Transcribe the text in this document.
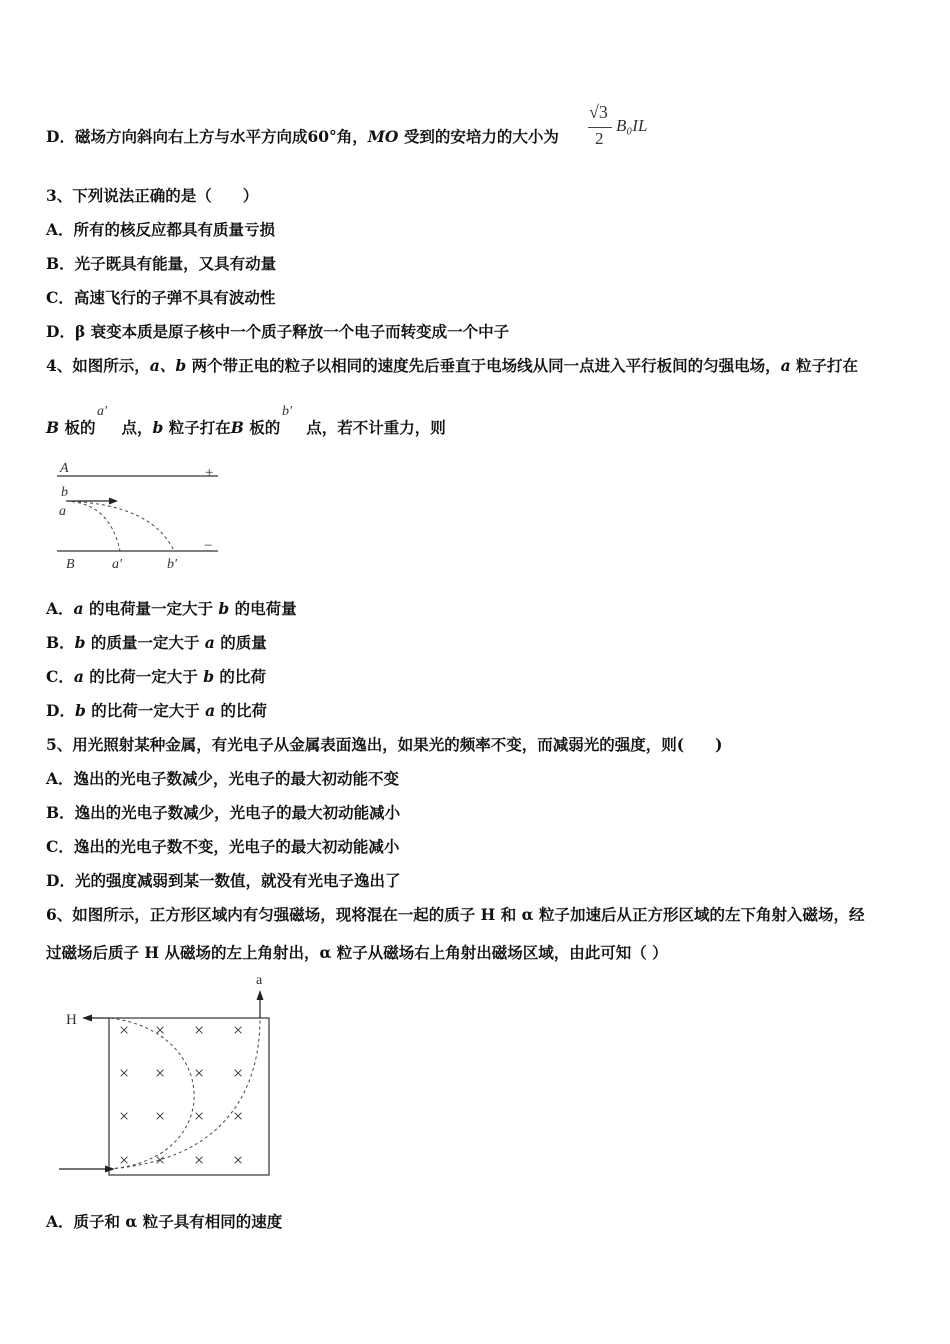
D．磁场方向斜向右上方与水平方向成60°角，MO 受到的安培力的大小为
√3
2
B₀IL
3、下列说法正确的是（　　）
A．所有的核反应都具有质量亏损
B．光子既具有能量，又具有动量
C．高速飞行的子弹不具有波动性
D．β 衰变本质是原子核中一个质子释放一个电子而转变成一个中子
4、如图所示，a、b 两个带正电的粒子以相同的速度先后垂直于电场线从同一点进入平行板间的匀强电场，a 粒子打在
B 板的 点，b 粒子打在B 板的 点，若不计重力，则
a'	b'
A	+
b
a
−
B	a′	b′
A．a 的电荷量一定大于 b 的电荷量
B．b 的质量一定大于 a 的质量
C．a 的比荷一定大于 b 的比荷
D．b 的比荷一定大于 a 的比荷
5、用光照射某种金属，有光电子从金属表面逸出，如果光的频率不变，而减弱光的强度，则(　　)
A．逸出的光电子数减少，光电子的最大初动能不变
B．逸出的光电子数减少，光电子的最大初动能减小
C．逸出的光电子数不变，光电子的最大初动能减小
D．光的强度减弱到某一数值，就没有光电子逸出了
6、如图所示，正方形区域内有匀强磁场，现将混在一起的质子 H 和 α 粒子加速后从正方形区域的左下角射入磁场，经
过磁场后质子 H 从磁场的左上角射出，α 粒子从磁场右上角射出磁场区域，由此可知（ ）
× × × ×
× × × ×
× × × ×
× × × ×
H
a
A．质子和 α 粒子具有相同的速度
